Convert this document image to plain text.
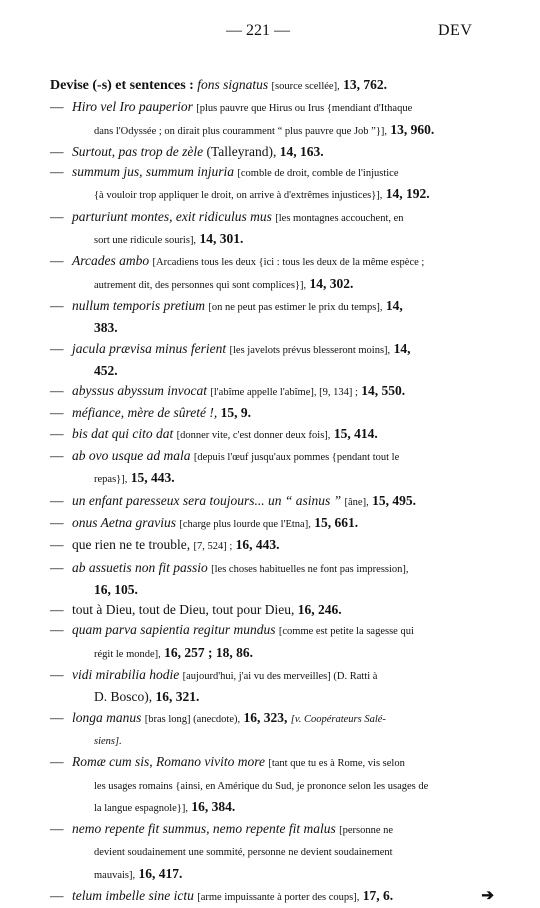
— 221 —	DEV
Devise (-s) et sentences : fons signatus [source scellée], 13, 762.
— Hiro vel Iro pauperior [plus pauvre que Hirus ou Irus {mendiant d'Ithaque
dans l'Odyssée ; on dirait plus couramment “ plus pauvre que Job ”}], 13, 960.
— Surtout, pas trop de zèle (Talleyrand), 14, 163.
— summum jus, summum injuria [comble de droit, comble de l'injustice
{à vouloir trop appliquer le droit, on arrive à d'extrêmes injustices}], 14, 192.
— parturiunt montes, exit ridiculus mus [les montagnes accouchent, en
sort une ridicule souris], 14, 301.
— Arcades ambo [Arcadiens tous les deux {ici : tous les deux de la même espèce ;
autrement dit, des personnes qui sont complices}], 14, 302.
— nullum temporis pretium [on ne peut pas estimer le prix du temps], 14,
383.
— jacula prævisa minus ferient [les javelots prévus blesseront moins], 14,
452.
— abyssus abyssum invocat [l'abîme appelle l'abîme], [9, 134] ; 14, 550.
— méfiance, mère de sûreté !, 15, 9.
— bis dat qui cito dat [donner vite, c'est donner deux fois], 15, 414.
— ab ovo usque ad mala [depuis l'œuf jusqu'aux pommes {pendant tout le
repas}], 15, 443.
— un enfant paresseux sera toujours... un “ asinus ” [âne], 15, 495.
— onus Aetna gravius [charge plus lourde que l'Etna], 15, 661.
— que rien ne te trouble, [7, 524] ; 16, 443.
— ab assuetis non fit passio [les choses habituelles ne font pas impression],
16, 105.
— tout à Dieu, tout de Dieu, tout pour Dieu, 16, 246.
— quam parva sapientia regitur mundus [comme est petite la sagesse qui
régit le monde], 16, 257 ; 18, 86.
— vidi mirabilia hodie [aujourd'hui, j'ai vu des merveilles] (D. Ratti à
D. Bosco), 16, 321.
— longa manus [bras long] (anecdote), 16, 323, [v. Coopérateurs Salé-
siens].
— Romæ cum sis, Romano vivito more [tant que tu es à Rome, vis selon
les usages romains {ainsi, en Amérique du Sud, je prononce selon les usages de
la langue espagnole}], 16, 384.
— nemo repente fit summus, nemo repente fit malus [personne ne
devient soudainement une sommité, personne ne devient soudainement
mauvais], 16, 417.
— telum imbelle sine ictu [arme impuissante à porter des coups], 17, 6.	➔
